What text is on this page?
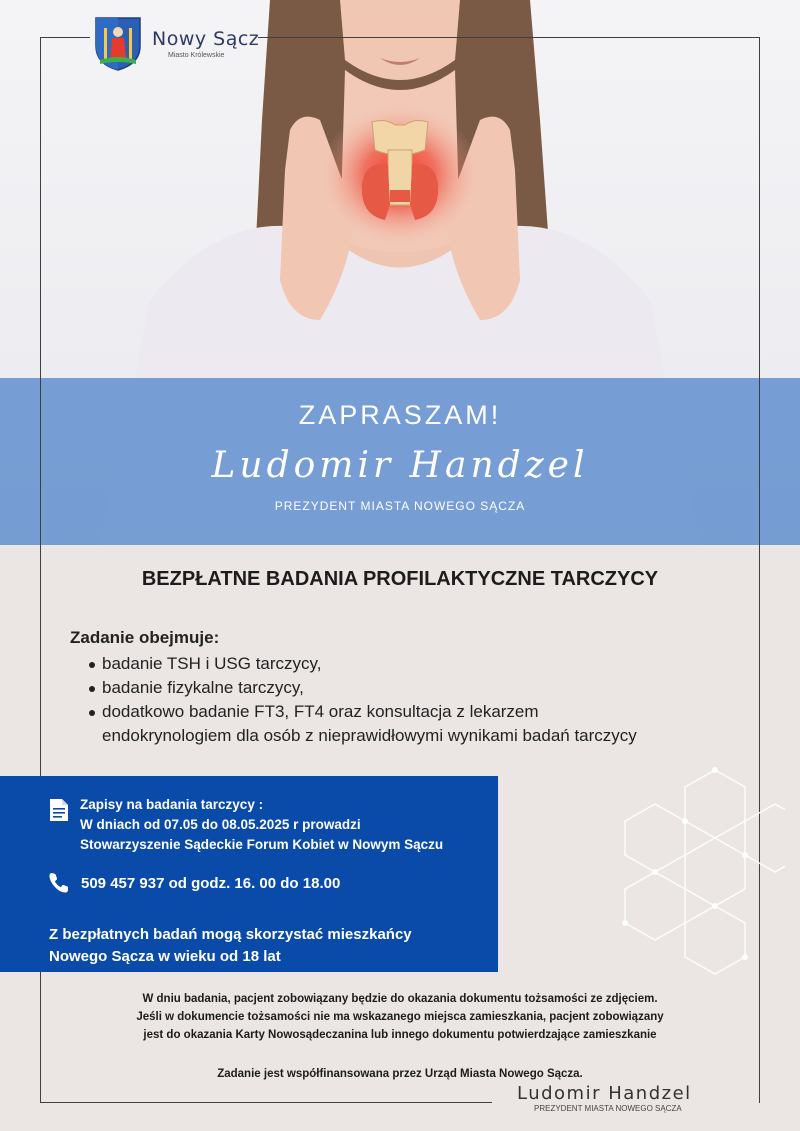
Nowy Sącz
Miasto Królewskie
ZAPRASZAM!
Ludomir Handzel
PREZYDENT MIASTA NOWEGO SĄCZA
BEZPŁATNE BADANIA PROFILAKTYCZNE TARCZYCY
Zadanie obejmuje:
badanie TSH i USG tarczycy,
badanie fizykalne tarczycy,
dodatkowo badanie FT3, FT4 oraz konsultacja z lekarzem
endokrynologiem dla osób z nieprawidłowymi wynikami badań tarczycy
Zapisy na badania tarczycy :
W dniach od 07.05 do 08.05.2025 r prowadzi
Stowarzyszenie Sądeckie Forum Kobiet w Nowym Sączu
509 457 937 od godz. 16. 00 do 18.00
Z bezpłatnych badań mogą skorzystać mieszkańcy
Nowego Sącza w wieku od 18 lat
W dniu badania, pacjent zobowiązany będzie do okazania dokumentu tożsamości ze zdjęciem.
Jeśli w dokumencie tożsamości nie ma wskazanego miejsca zamieszkania, pacjent zobowiązany
jest do okazania Karty Nowosądeczanina lub innego dokumentu potwierdzające zamieszkanie
Zadanie jest współfinansowana przez Urząd Miasta Nowego Sącza.
Ludomir Handzel
PREZYDENT MIASTA NOWEGO SĄCZA
